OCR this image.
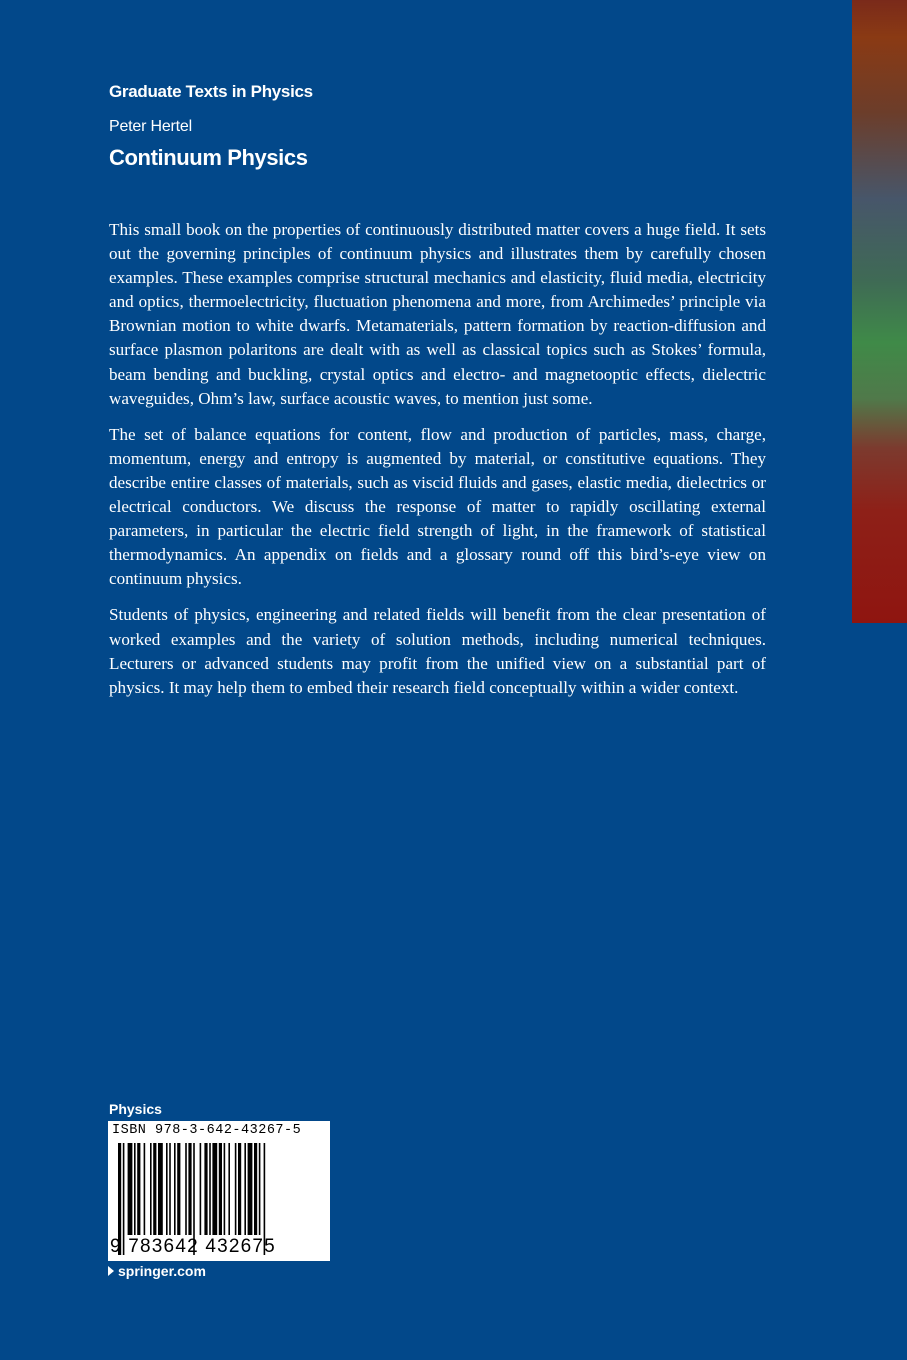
Graduate Texts in Physics
Peter Hertel
Continuum Physics

This small book on the properties of continuously distributed matter covers a huge field. It sets out the governing principles of continuum physics and illustrates them by carefully chosen examples. These examples comprise structural mechanics and elasticity, fluid media, electricity and optics, thermoelectricity, fluctuation phenomena and more, from Archimedes’ principle via Brownian motion to white dwarfs. Metamaterials, pattern formation by reaction-diffusion and surface plasmon polaritons are dealt with as well as classical topics such as Stokes’ formula, beam bending and buckling, crystal optics and electro- and magnetooptic effects, dielectric waveguides, Ohm’s law, surface acoustic waves, to mention just some.

The set of balance equations for content, flow and production of particles, mass, charge, momentum, energy and entropy is augmented by material, or constitutive equations. They describe entire classes of materials, such as viscid fluids and gases, elastic media, dielectrics or electrical conductors. We discuss the response of matter to rapidly oscillating external parameters, in particular the electric field strength of light, in the framework of statistical thermodynamics. An appendix on fields and a glossary round off this bird’s-eye view on continuum physics.

Students of physics, engineering and related fields will benefit from the clear presentation of worked examples and the variety of solution methods, including numerical techniques. Lecturers or advanced students may profit from the unified view on a substantial part of physics. It may help them to embed their research field conceptually within a wider context.

Physics
ISBN 978-3-642-43267-5
9 783642 432675
springer.com
